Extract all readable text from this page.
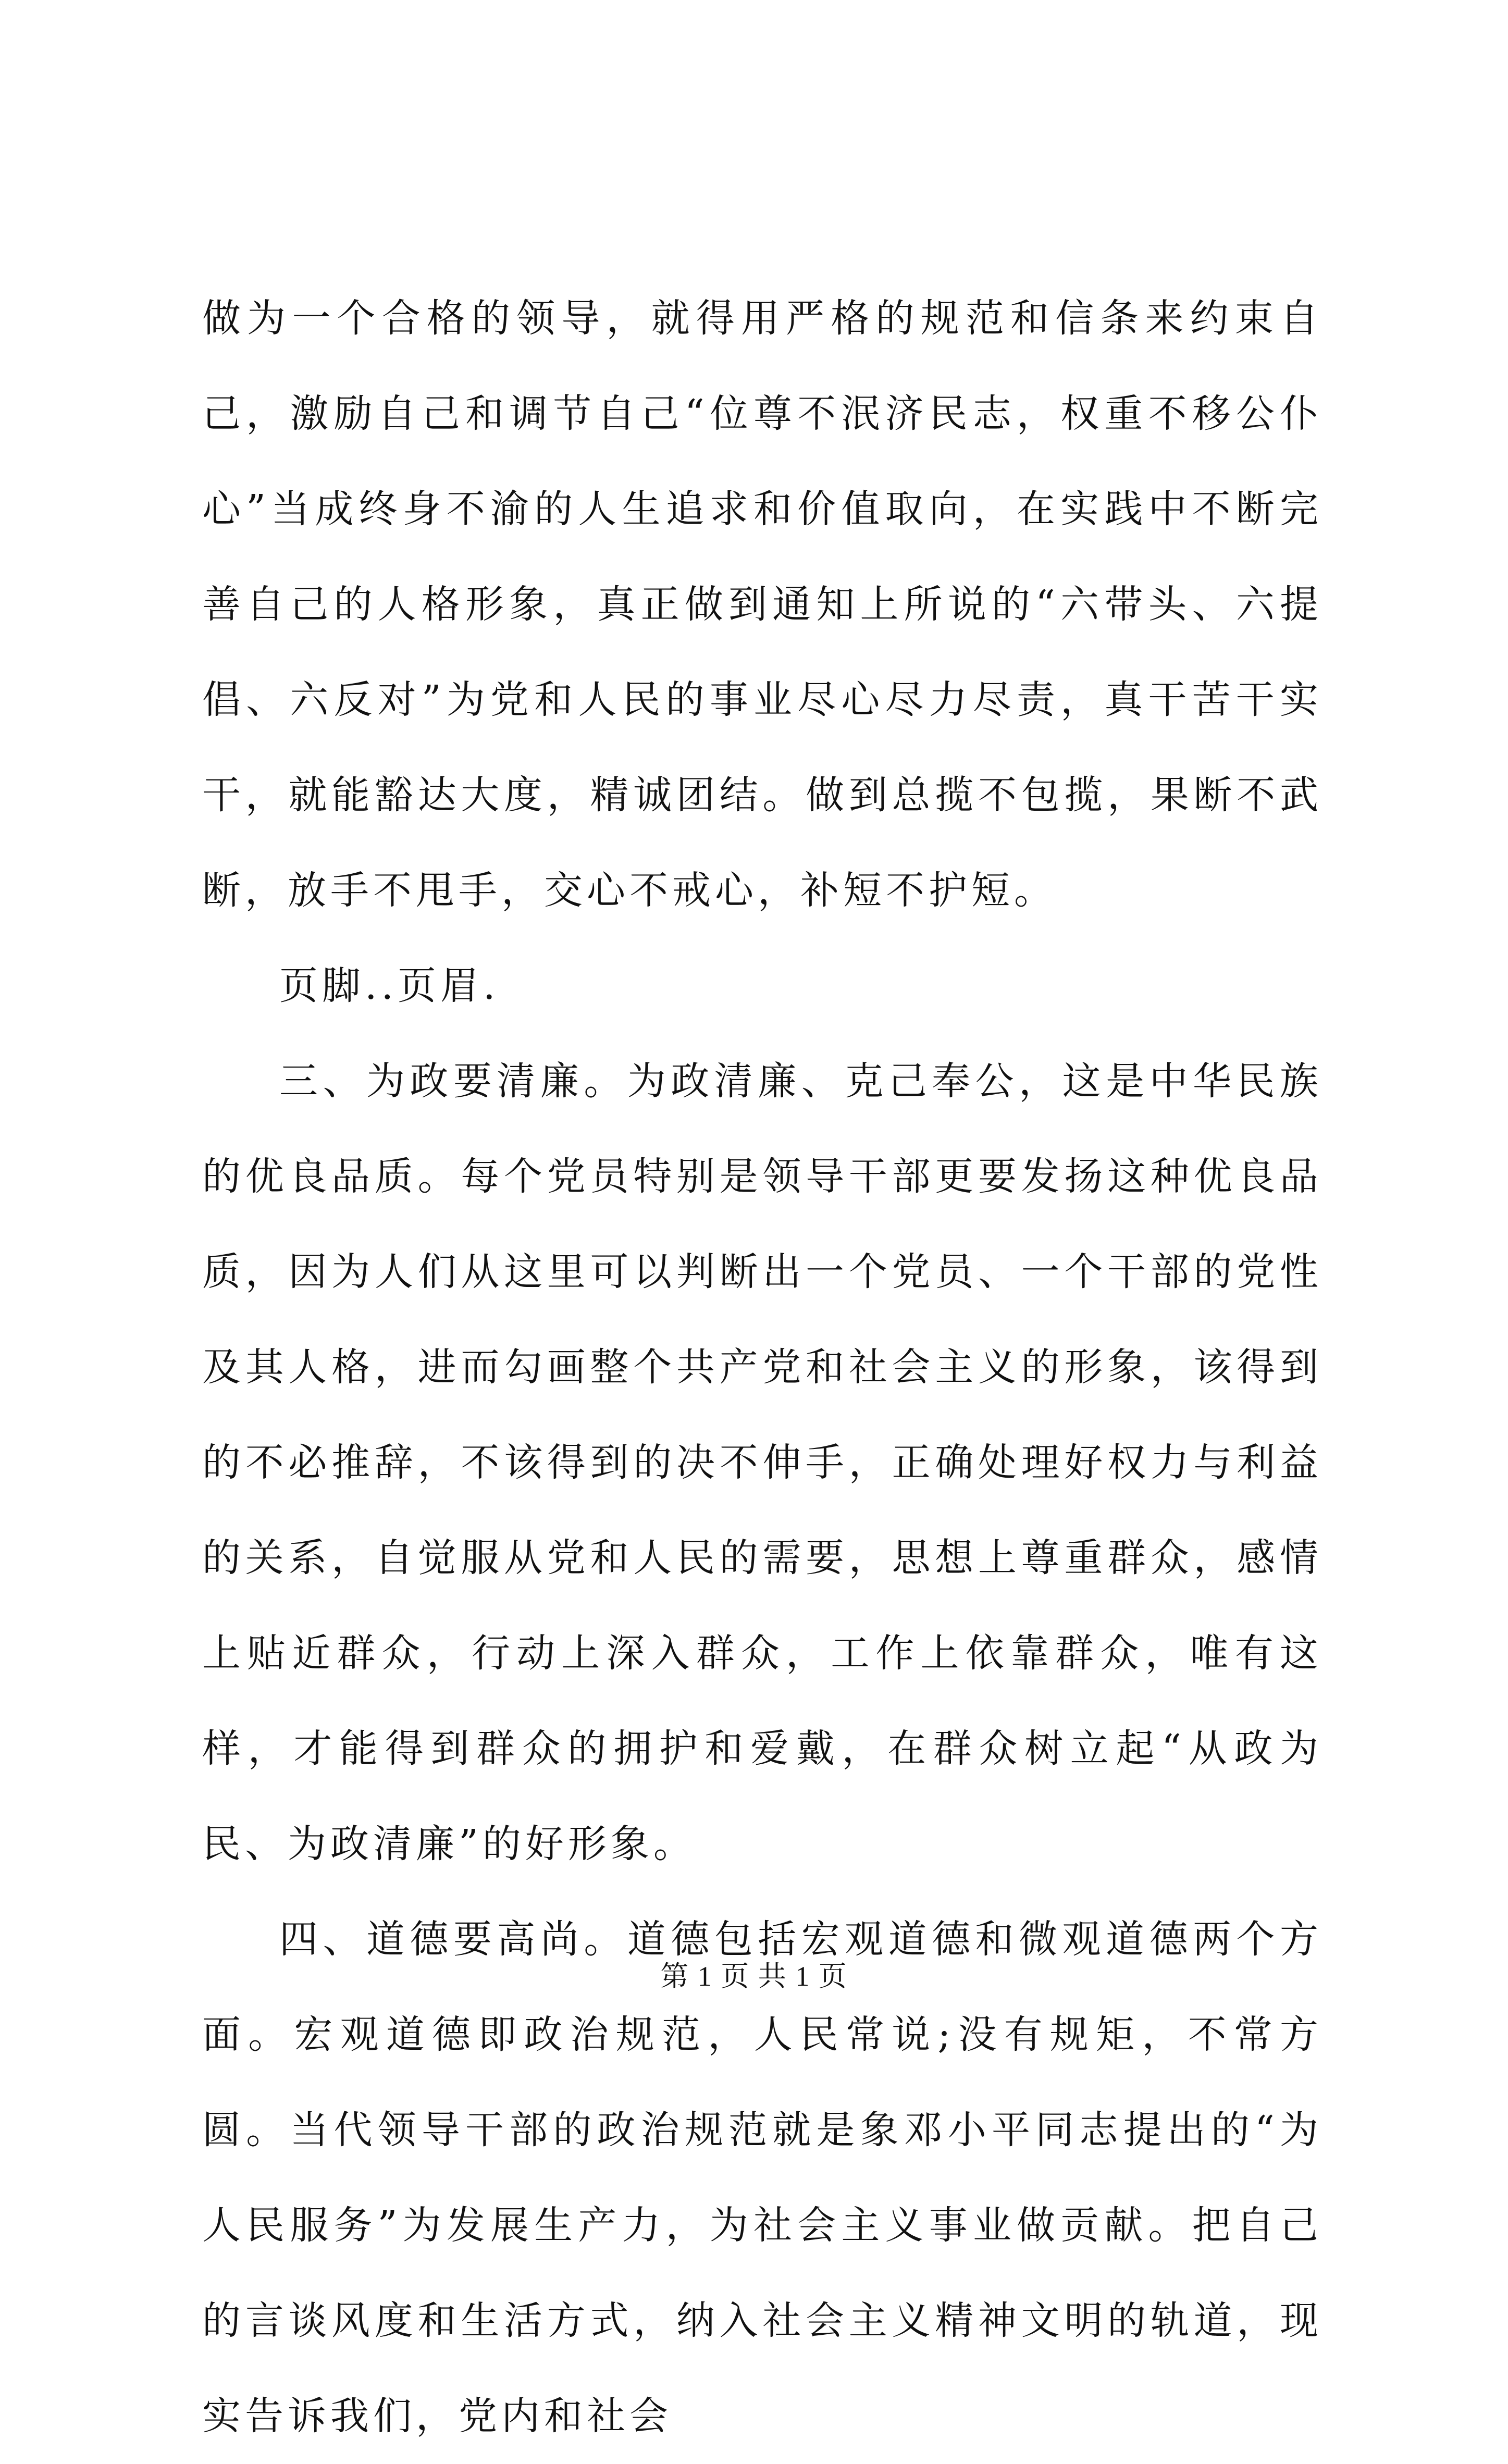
做为一个合格的领导，就得用严格的规范和信条来约束自己，激励自己和调节自己“位尊不泯济民志，权重不移公仆心”当成终身不渝的人生追求和价值取向，在实践中不断完善自己的人格形象，真正做到通知上所说的“六带头、六提倡、六反对”为党和人民的事业尽心尽力尽责，真干苦干实干，就能豁达大度，精诚团结。做到总揽不包揽，果断不武断，放手不甩手，交心不戒心，补短不护短。

页脚..页眉.

三、为政要清廉。为政清廉、克己奉公，这是中华民族的优良品质。每个党员特别是领导干部更要发扬这种优良品质，因为人们从这里可以判断出一个党员、一个干部的党性及其人格，进而勾画整个共产党和社会主义的形象，该得到的不必推辞，不该得到的决不伸手，正确处理好权力与利益的关系，自觉服从党和人民的需要，思想上尊重群众，感情上贴近群众，行动上深入群众，工作上依靠群众，唯有这样，才能得到群众的拥护和爱戴，在群众树立起“从政为民、为政清廉”的好形象。

四、道德要高尚。道德包括宏观道德和微观道德两个方面。宏观道德即政治规范，人民常说;没有规矩，不常方圆。当代领导干部的政治规范就是象邓小平同志提出的“为人民服务”为发展生产力，为社会主义事业做贡献。把自己的言谈风度和生活方式，纳入社会主义精神文明的轨道，现实告诉我们，党内和社会

第 1 页 共 1 页
